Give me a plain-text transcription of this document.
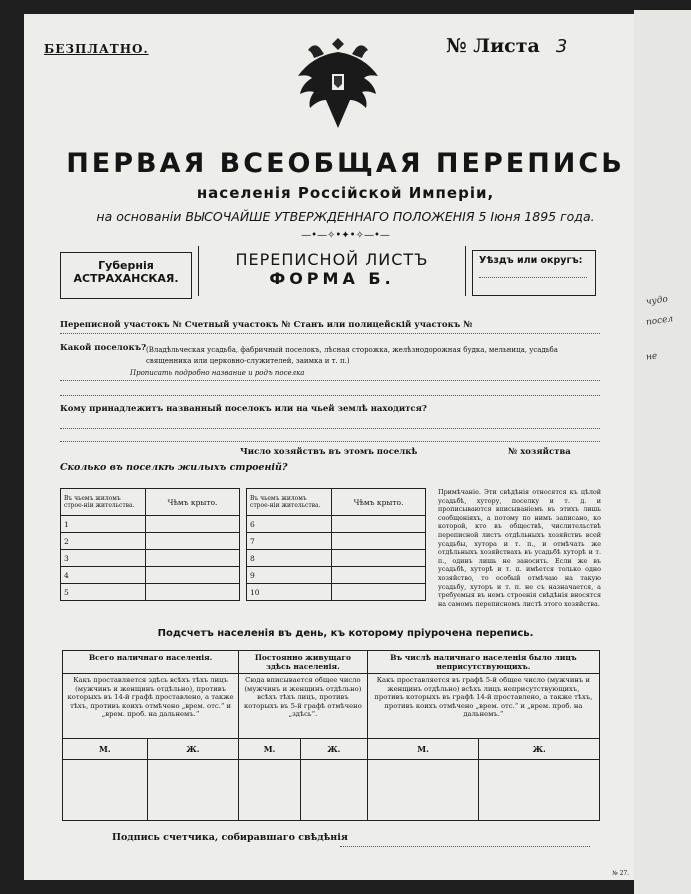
чудо
посел
не
БЕЗПЛАТНО.	№ Листа 3
ПЕРВАЯ ВСЕОБЩАЯ ПЕРЕПИСЬ
населенія Россійской Имперіи,
на основаніи ВЫСОЧАЙШЕ УТВЕРЖДЕННАГО ПОЛОЖЕНІЯ 5 Іюня 1895 года.
—•—✧•✦•✧—•—
Губернія
АСТРАХАНСКАЯ.
ПЕРЕПИСНОЙ ЛИСТЪ
ФОРМА Б.
Уѣздъ или округъ:
Переписной участокъ № Счетный участокъ № Станъ или полицейскій участокъ №
Какой поселокъ? (Владѣльческая усадьба, фабричный поселокъ, лѣсная сторожка, желѣзнодорожная будка, мельница, усадьба священника или церковно-служителей, заимка и т. п.)
Прописать подробно название и родъ поселка
Кому принадлежитъ названный поселокъ или на чьей землѣ находится?
Число хозяйствъ въ этомъ поселкѣ	№ хозяйства
Сколько въ поселкѣ жилыхъ строеній?
Въ чьемъ жиломъ строе-ніи жительства.	Чѣмъ крыто.
1	
2	
3	
4	
5	
Въ чьемъ жиломъ строе-ніи жительства.	Чѣмъ крыто.
6	
7	
8	
9	
10	
Примѣчаніе. Эти свѣдѣнія относятся къ цѣлой усадьбѣ, хутору, поселку и т. д. и прописываются вписываніемъ въ этихъ лишь сообщеніяхъ, а потому по нимъ записано, ко которой, кто въ обществѣ, числительствѣ переписной листъ отдѣльныхъ хозяйствъ всей усадьбы, хутора и т. п., и отмѣчать же отдѣльныхъ хозяйствахъ въ усадьбѣ хуторѣ и т. п., одинъ лишь не заносить. Если же въ усадьбѣ, хуторѣ и т. п. имѣется только одно хозяйство, то особый отмѣчаю на такую усадьбу, хуторъ и т. п. не съ назначается, а требуемыя въ немъ строенія свѣдѣнія вносятся на самомъ переписномъ листѣ этого хозяйства.
Подсчетъ населенія въ день, къ которому пріурочена перепись.
Всего наличнаго населенія.		Постоянно живущаго здѣсь населенія.		Въ числѣ наличнаго населенія было лицъ неприсутствующихъ.	
Какъ проставляется здѣсь всѣхъ тѣхъ лицъ (мужчинъ и женщинъ отдѣльно), противъ которыхъ въ 14-й графѣ проставлено, а также тѣхъ, противъ коихъ отмѣчено „врем. отс.“ и „врем. проб. на дальнемъ.“		Сюда вписывается общее число (мужчинъ и женщинъ отдѣльно) всѣхъ тѣхъ лицъ, противъ которыхъ въ 5-й графѣ отмѣчено „здѣсь“.		Какъ проставляется въ графѣ 5-й общее число (мужчинъ и женщинъ отдѣльно) всѣхъ лицъ неприсутствующихъ, противъ которыхъ въ графѣ 14-й проставлено, а также тѣхъ, противъ коихъ отмѣчено „врем. отс.“ и „врем. проб. на дальнемъ.“	
М.	Ж.	М.	Ж.	М.	Ж.

Подпись счетчика, собиравшаго свѣдѣнія
№ 27.
